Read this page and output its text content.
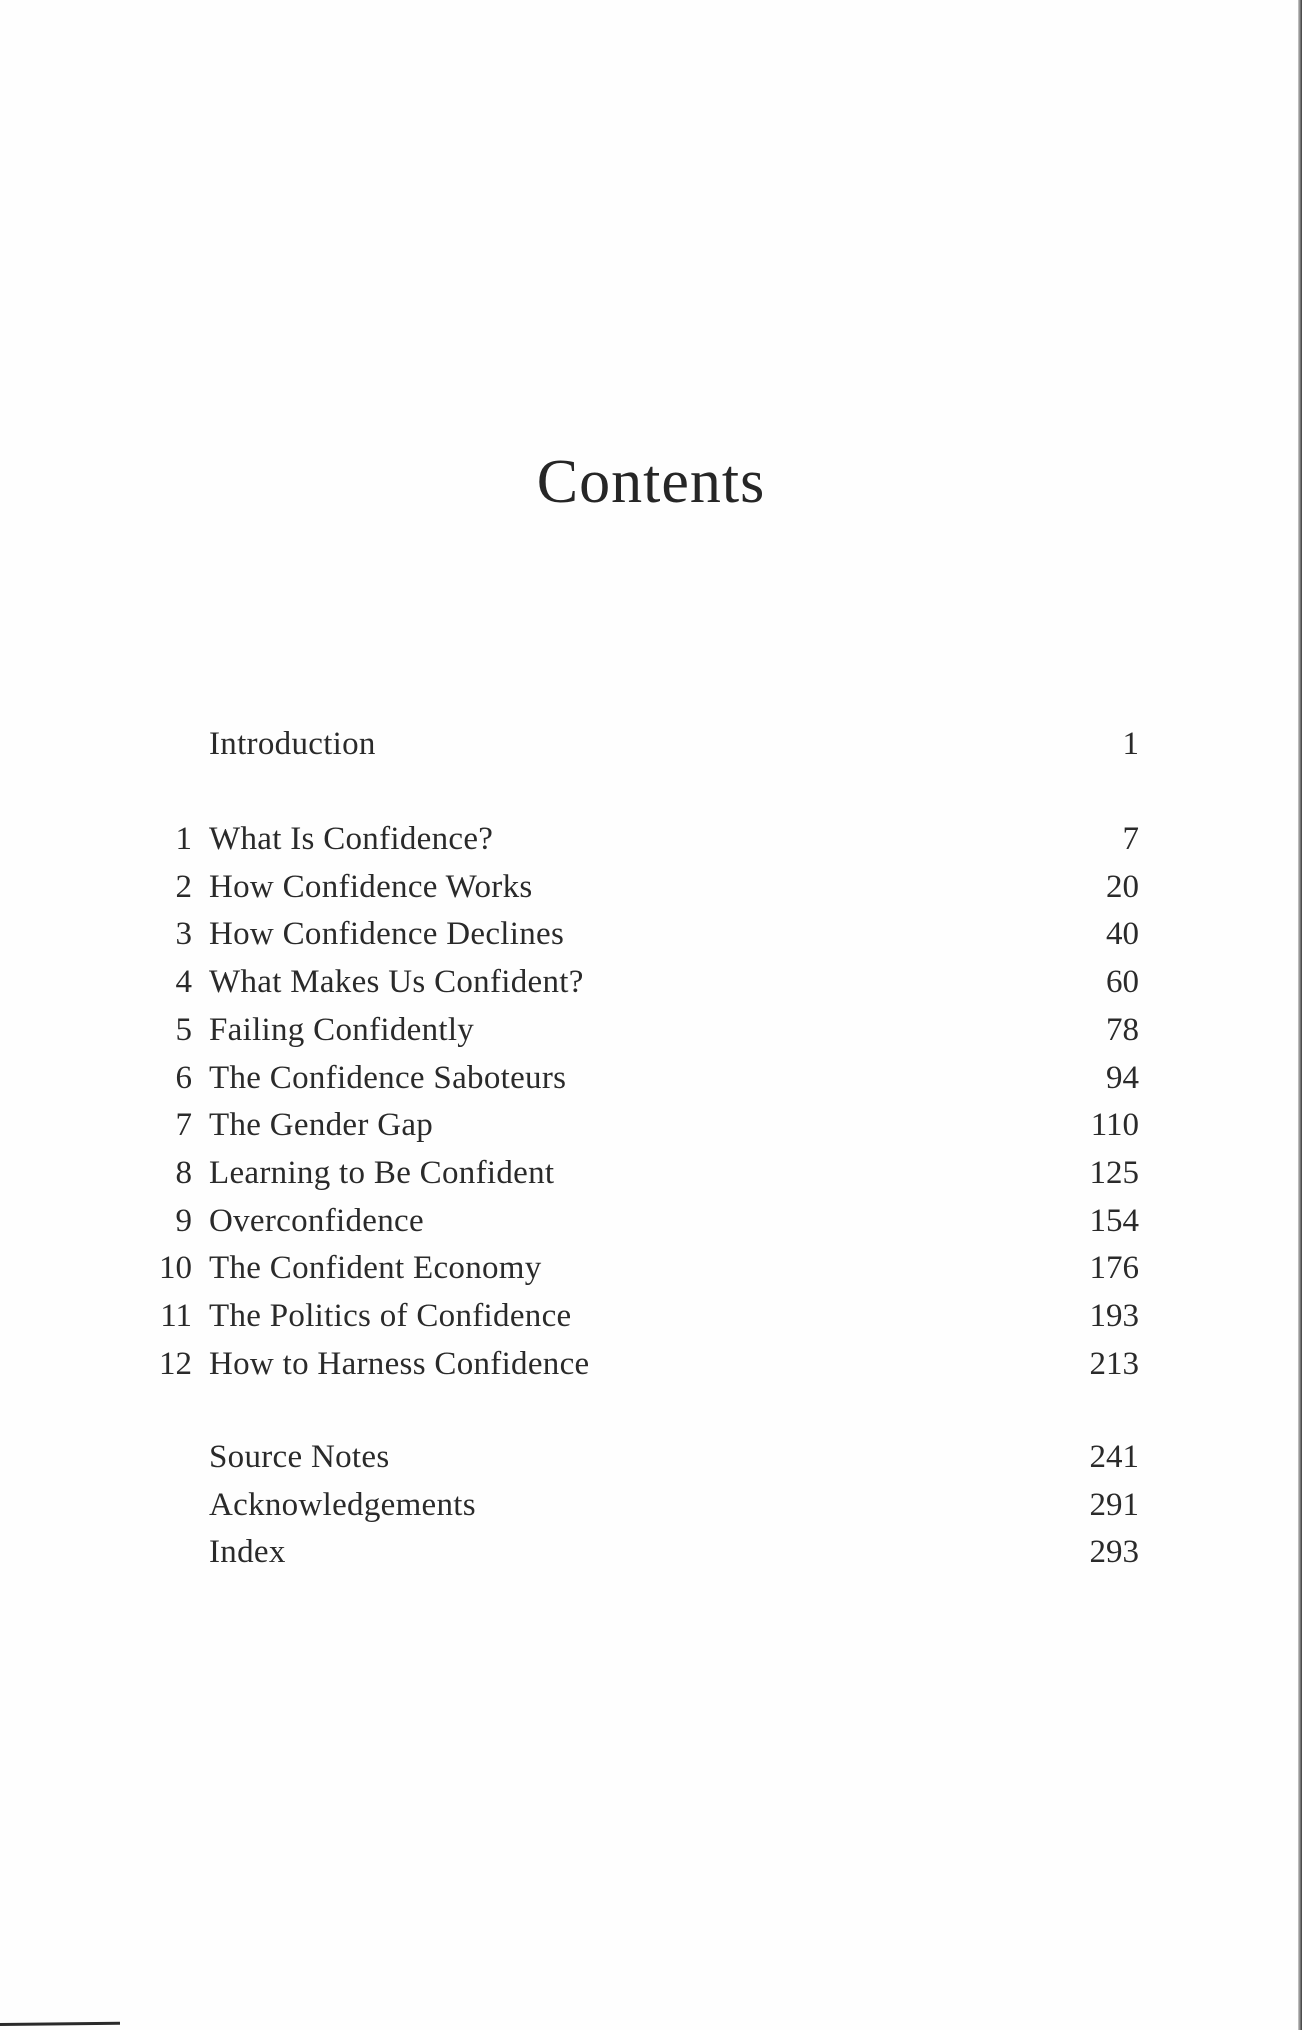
Contents
Introduction	1
1 What Is Confidence?	7
2 How Confidence Works	20
3 How Confidence Declines	40
4 What Makes Us Confident?	60
5 Failing Confidently	78
6 The Confidence Saboteurs	94
7 The Gender Gap	110
8 Learning to Be Confident	125
9 Overconfidence	154
10 The Confident Economy	176
11 The Politics of Confidence	193
12 How to Harness Confidence	213
Source Notes	241
Acknowledgements	291
Index	293
